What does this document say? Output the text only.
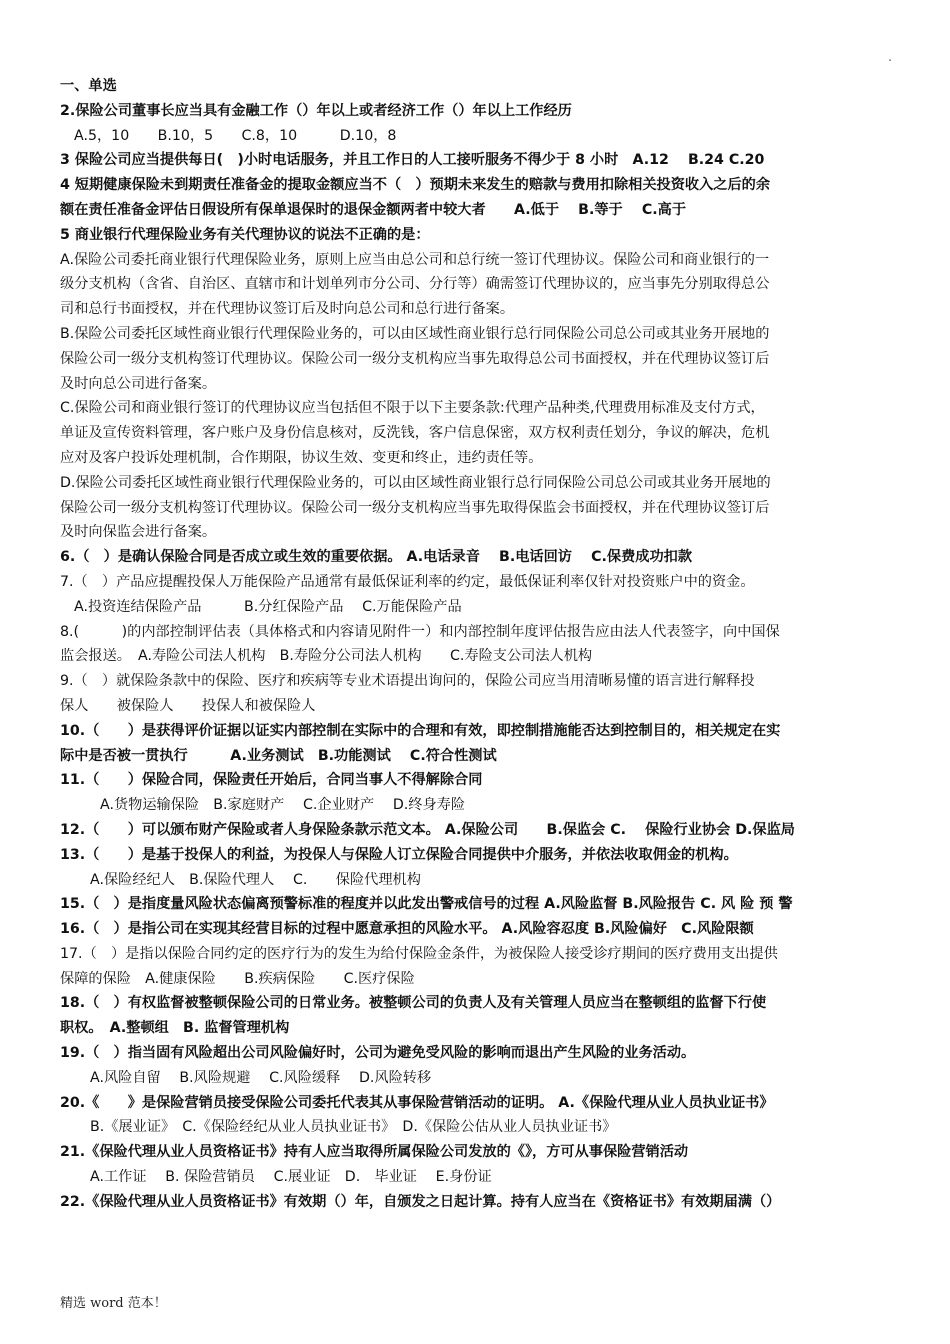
.
一、单选
2.保险公司董事长应当具有金融工作（）年以上或者经济工作（）年以上工作经历
A.5，10　　B.10，5　　C.8，10　　　D.10，8
3 保险公司应当提供每日(　)小时电话服务，并且工作日的人工接听服务不得少于 8 小时　A.12　 B.24 C.20
4 短期健康保险未到期责任准备金的提取金额应当不（　）预期未来发生的赔款与费用扣除相关投资收入之后的余
额在责任准备金评估日假设所有保单退保时的退保金额两者中较大者　　A.低于　 B.等于　 C.高于
5 商业银行代理保险业务有关代理协议的说法不正确的是：
A.保险公司委托商业银行代理保险业务，原则上应当由总公司和总行统一签订代理协议。保险公司和商业银行的一
级分支机构（含省、自治区、直辖市和计划单列市分公司、分行等）确需签订代理协议的，应当事先分别取得总公
司和总行书面授权，并在代理协议签订后及时向总公司和总行进行备案。
B.保险公司委托区域性商业银行代理保险业务的，可以由区域性商业银行总行同保险公司总公司或其业务开展地的
保险公司一级分支机构签订代理协议。保险公司一级分支机构应当事先取得总公司书面授权，并在代理协议签订后
及时向总公司进行备案。
C.保险公司和商业银行签订的代理协议应当包括但不限于以下主要条款:代理产品种类,代理费用标准及支付方式，
单证及宣传资料管理，客户账户及身份信息核对，反洗钱，客户信息保密，双方权利责任划分，争议的解决，危机
应对及客户投诉处理机制，合作期限，协议生效、变更和终止，违约责任等。
D.保险公司委托区域性商业银行代理保险业务的，可以由区域性商业银行总行同保险公司总公司或其业务开展地的
保险公司一级分支机构签订代理协议。保险公司一级分支机构应当事先取得保监会书面授权，并在代理协议签订后
及时向保监会进行备案。
6.（　）是确认保险合同是否成立或生效的重要依据。 A.电话录音　 B.电话回访　 C.保费成功扣款
7.（　）产品应提醒投保人万能保险产品通常有最低保证利率的约定，最低保证利率仅针对投资账户中的资金。
A.投资连结保险产品　　　B.分红保险产品　 C.万能保险产品
8.(　　　)的内部控制评估表（具体格式和内容请见附件一）和内部控制年度评估报告应由法人代表签字，向中国保
监会报送。　A.寿险公司法人机构　B.寿险分公司法人机构　　C.寿险支公司法人机构
9.（　）就保险条款中的保险、医疗和疾病等专业术语提出询问的，保险公司应当用清晰易懂的语言进行解释投
保人　　被保险人　　投保人和被保险人
10.（　　）是获得评价证据以证实内部控制在实际中的合理和有效，即控制措施能否达到控制目的，相关规定在实
际中是否被一贯执行　　　A.业务测试　B.功能测试　 C.符合性测试
11.（　　）保险合同，保险责任开始后，合同当事人不得解除合同
A.货物运输保险　B.家庭财产　 C.企业财产　 D.终身寿险
12.（　　）可以颁布财产保险或者人身保险条款示范文本。 A.保险公司　　B.保监会 C.　 保险行业协会 D.保监局
13.（　　）是基于投保人的利益，为投保人与保险人订立保险合同提供中介服务，并依法收取佣金的机构。
A.保险经纪人　B.保险代理人　 C.　　保险代理机构
15.（　）是指度量风险状态偏离预警标准的程度并以此发出警戒信号的过程 A.风险监督 B.风险报告 C. 风 险 预 警
16.（　）是指公司在实现其经营目标的过程中愿意承担的风险水平。 A.风险容忍度 B.风险偏好　C.风险限额
17.（　）是指以保险合同约定的医疗行为的发生为给付保险金条件，为被保险人接受诊疗期间的医疗费用支出提供
保障的保险　A.健康保险　　B.疾病保险　　C.医疗保险
18.（　）有权监督被整顿保险公司的日常业务。被整顿公司的负责人及有关管理人员应当在整顿组的监督下行使
职权。　A.整顿组　B. 监督管理机构
19.（　）指当固有风险超出公司风险偏好时，公司为避免受风险的影响而退出产生风险的业务活动。
A.风险自留　 B.风险规避　 C.风险缓释　 D.风险转移
20.《　　》是保险营销员接受保险公司委托代表其从事保险营销活动的证明。 A.《保险代理从业人员执业证书》
B.《展业证》　C.《保险经纪从业人员执业证书》　D.《保险公估从业人员执业证书》
21.《保险代理从业人员资格证书》持有人应当取得所属保险公司发放的《》，方可从事保险营销活动
A.工作证　 B. 保险营销员　 C.展业证　D.　毕业证　 E.身份证
22.《保险代理从业人员资格证书》有效期（）年，自颁发之日起计算。持有人应当在《资格证书》有效期届满（）
精选 word 范本！
